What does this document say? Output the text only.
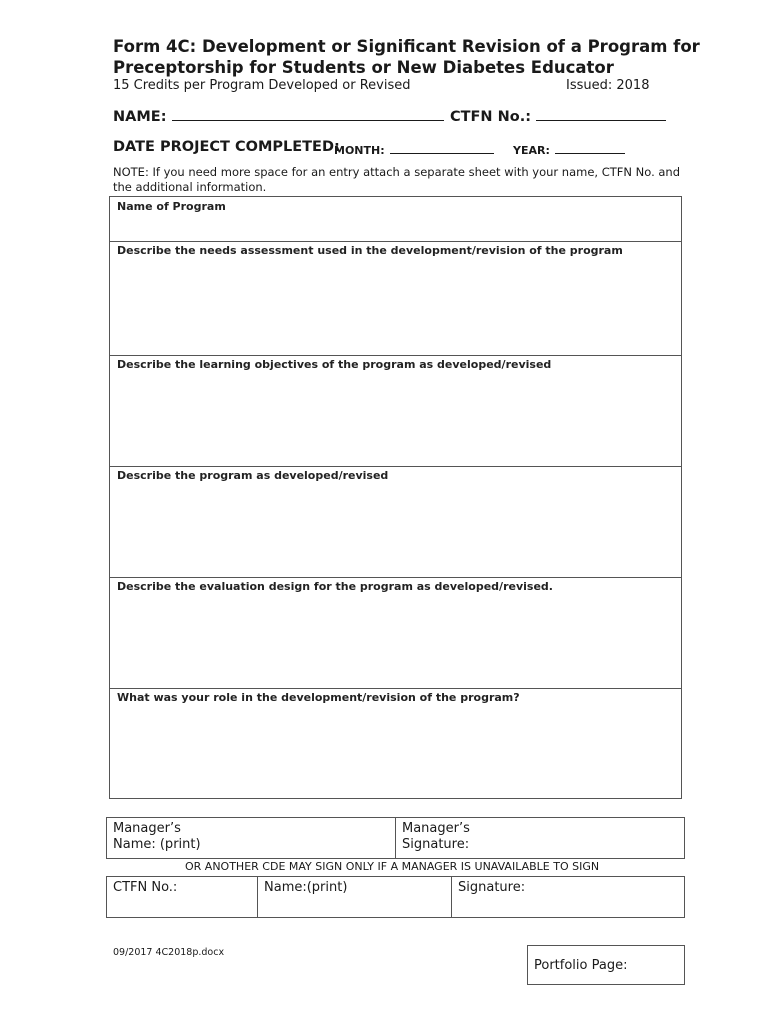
Form 4C: Development or Significant Revision of a Program for
Preceptorship for Students or New Diabetes Educator
15 Credits per Program Developed or Revised	Issued: 2018
NAME:	CTFN No.:
DATE PROJECT COMPLETED:
MONTH:	YEAR:
NOTE: If you need more space for an entry attach a separate sheet with your name, CTFN No. and the additional information.
Name of Program
Describe the needs assessment used in the development/revision of the program
Describe the learning objectives of the program as developed/revised
Describe the program as developed/revised
Describe the evaluation design for the program as developed/revised.
What was your role in the development/revision of the program?
Manager’s
Name: (print)

Manager’s
Signature:
OR ANOTHER CDE MAY SIGN ONLY IF A MANAGER IS UNAVAILABLE TO SIGN
CTFN No.:	Name:(print)	Signature:
09/2017 4C2018p.docx
Portfolio Page:
